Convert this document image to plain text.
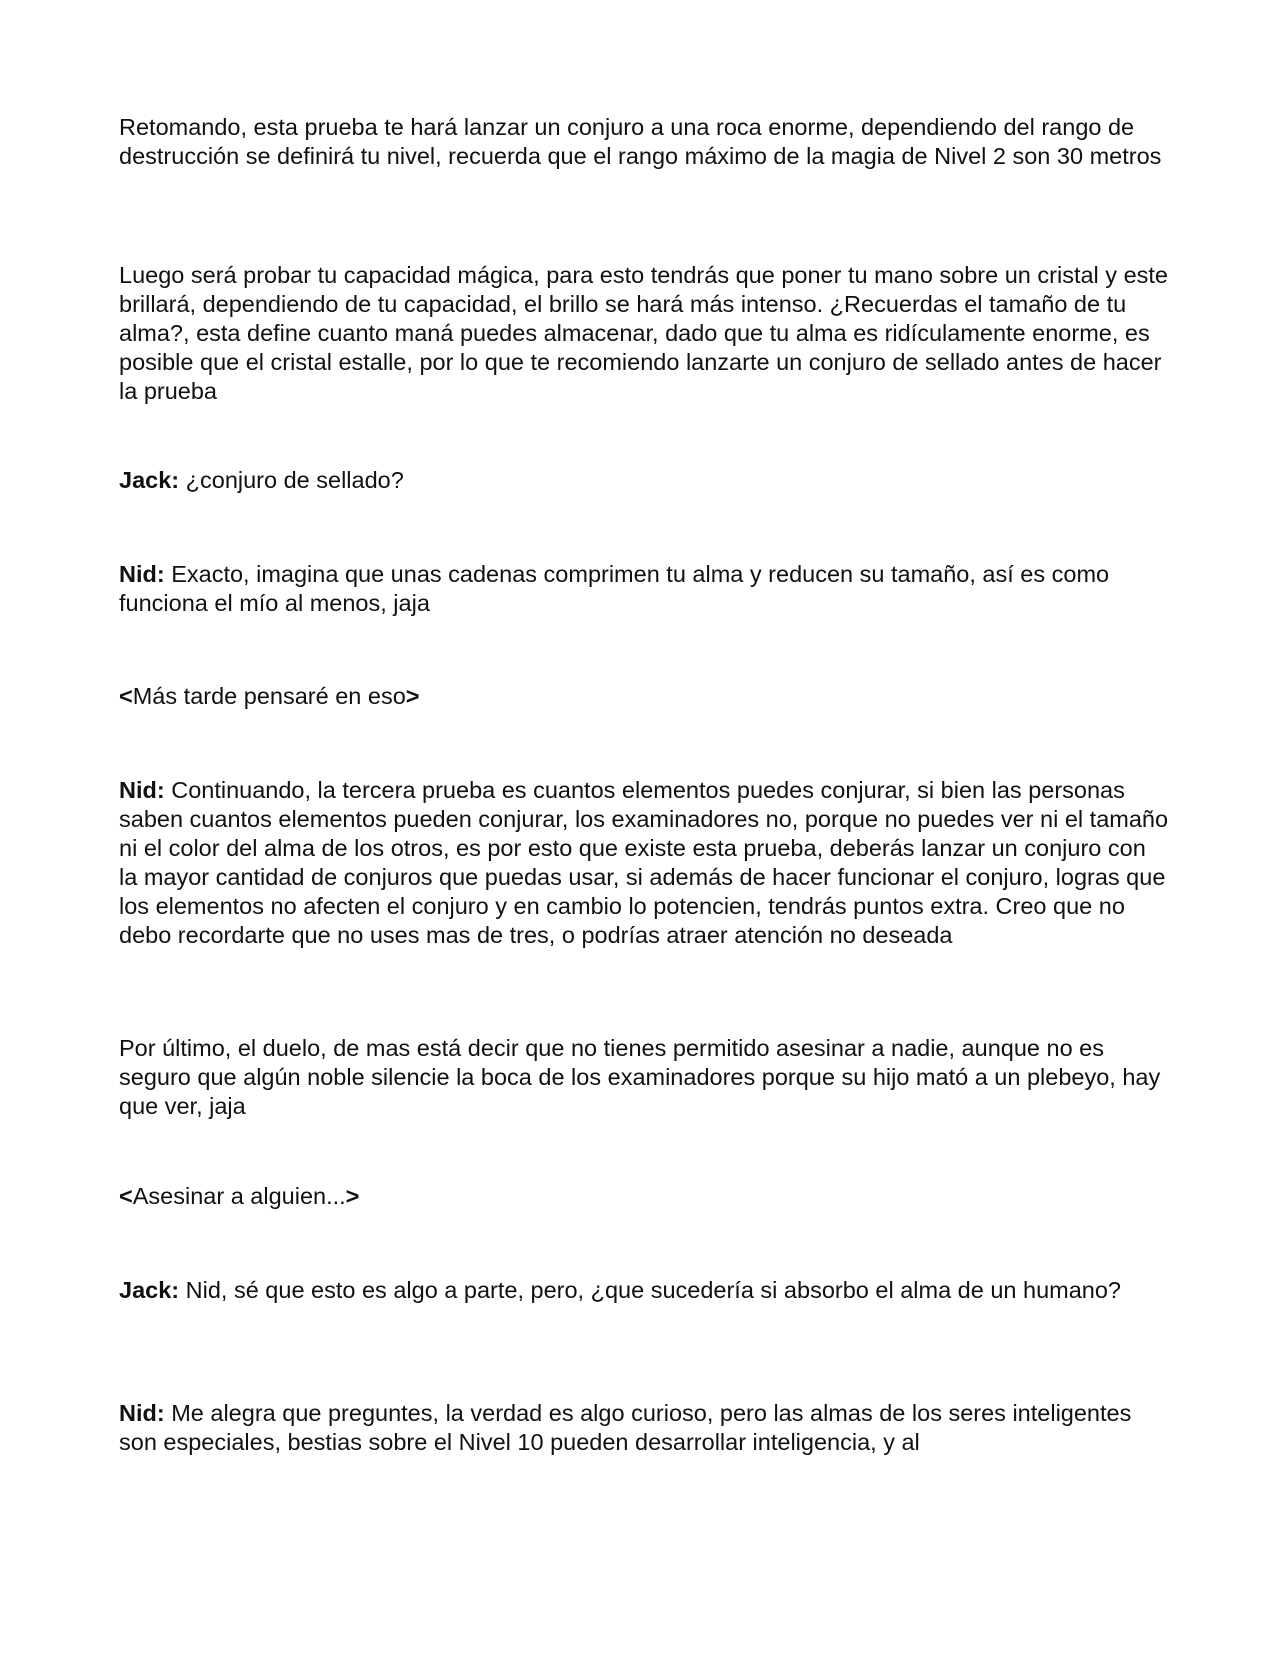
Retomando, esta prueba te hará lanzar un conjuro a una roca enorme, dependiendo del rango de destrucción se definirá tu nivel, recuerda que el rango máximo de la magia de Nivel 2 son 30 metros

Luego será probar tu capacidad mágica, para esto tendrás que poner tu mano sobre un cristal y este brillará, dependiendo de tu capacidad, el brillo se hará más intenso. ¿Recuerdas el tamaño de tu alma?, esta define cuanto maná puedes almacenar, dado que tu alma es ridículamente enorme, es posible que el cristal estalle, por lo que te recomiendo lanzarte un conjuro de sellado antes de hacer la prueba

Jack: ¿conjuro de sellado?

Nid: Exacto, imagina que unas cadenas comprimen tu alma y reducen su tamaño, así es como funciona el mío al menos, jaja

<Más tarde pensaré en eso>

Nid: Continuando, la tercera prueba es cuantos elementos puedes conjurar, si bien las personas saben cuantos elementos pueden conjurar, los examinadores no, porque no puedes ver ni el tamaño ni el color del alma de los otros, es por esto que existe esta prueba, deberás lanzar un conjuro con la mayor cantidad de conjuros que puedas usar, si además de hacer funcionar el conjuro, logras que los elementos no afecten el conjuro y en cambio lo potencien, tendrás puntos extra. Creo que no debo recordarte que no uses mas de tres, o podrías atraer atención no deseada

Por último, el duelo, de mas está decir que no tienes permitido asesinar a nadie, aunque no es seguro que algún noble silencie la boca de los examinadores porque su hijo mató a un plebeyo, hay que ver, jaja

<Asesinar a alguien...>

Jack: Nid, sé que esto es algo a parte, pero, ¿que sucedería si absorbo el alma de un humano?

Nid: Me alegra que preguntes, la verdad es algo curioso, pero las almas de los seres inteligentes son especiales, bestias sobre el Nivel 10 pueden desarrollar inteligencia, y al
